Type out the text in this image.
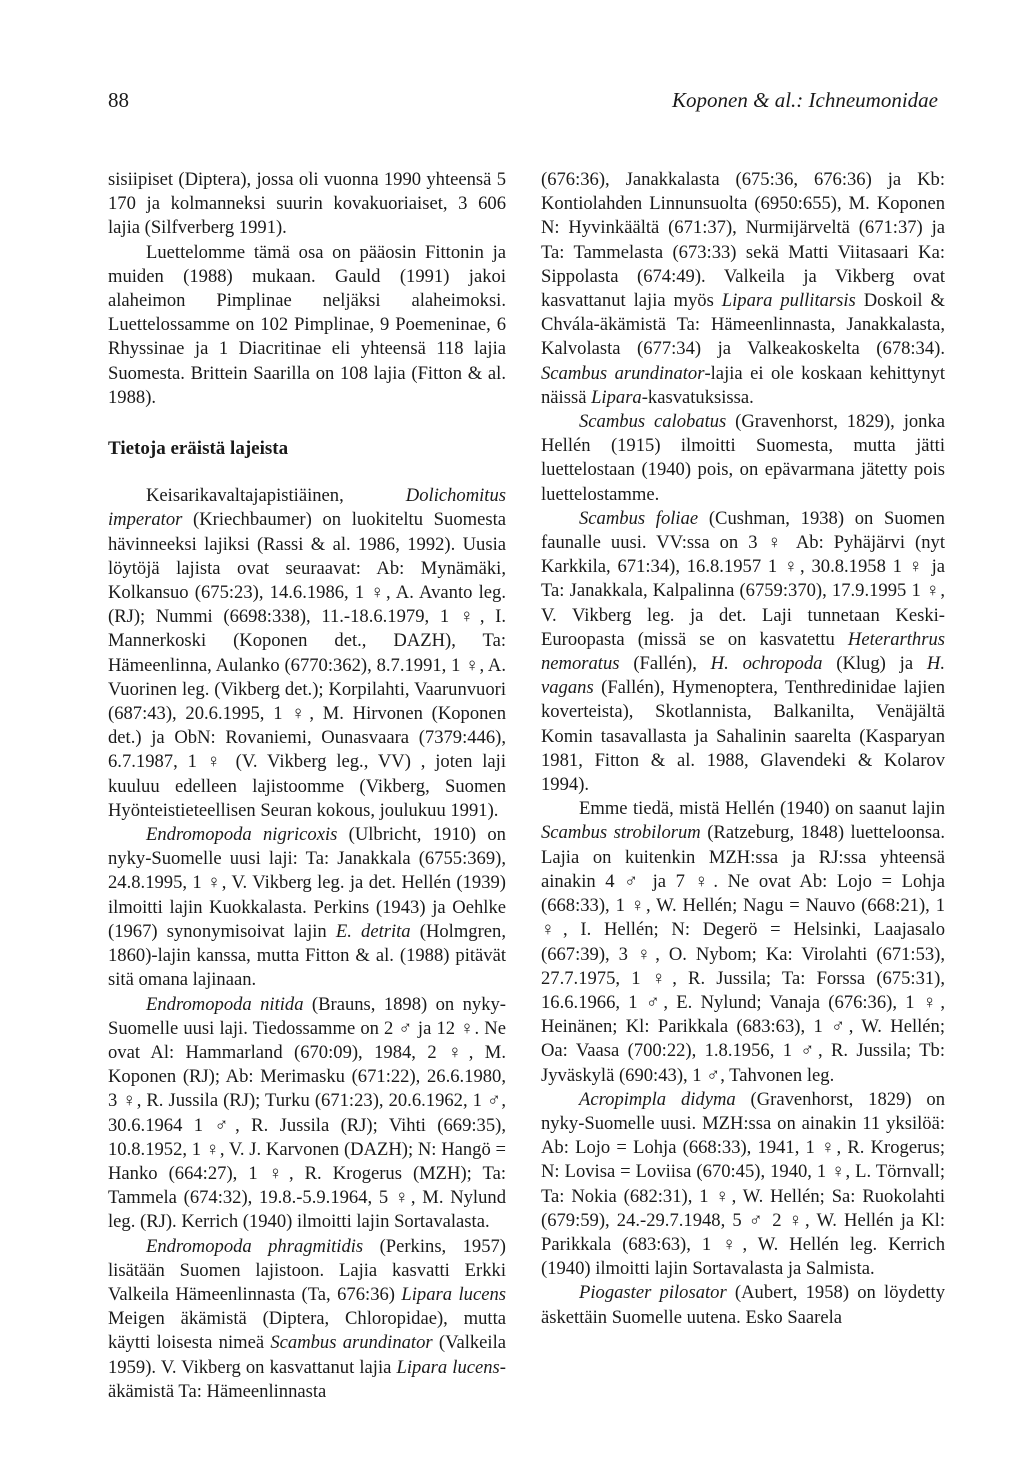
88	Koponen & al.: Ichneumonidae

sisiipiset (Diptera), jossa oli vuonna 1990 yhteensä 5 170 ja kolmanneksi suurin kovakuoriaiset, 3 606 lajia (Silfverberg 1991).

Luettelomme tämä osa on pääosin Fittonin ja muiden (1988) mukaan. Gauld (1991) jakoi alaheimon Pimplinae neljäksi alaheimoksi. Luettelossamme on 102 Pimplinae, 9 Poemeninae, 6 Rhyssinae ja 1 Diacritinae eli yhteensä 118 lajia Suomesta. Brittein Saarilla on 108 lajia (Fitton & al. 1988).

Tietoja eräistä lajeista

Keisarikavaltajapistiäinen, Dolichomitus imperator (Kriechbaumer) on luokiteltu Suomesta hävinneeksi lajiksi (Rassi & al. 1986, 1992). Uusia löytöjä lajista ovat seuraavat: Ab: Mynämäki, Kolkansuo (675:23), 14.6.1986, 1 ♀, A. Avanto leg. (RJ); Nummi (6698:338), 11.-18.6.1979, 1 ♀, I. Mannerkoski (Koponen det., DAZH), Ta: Hämeenlinna, Aulanko (6770:362), 8.7.1991, 1 ♀, A. Vuorinen leg. (Vikberg det.); Korpilahti, Vaarunvuori (687:43), 20.6.1995, 1 ♀, M. Hirvonen (Koponen det.) ja ObN: Rovaniemi, Ounasvaara (7379:446), 6.7.1987, 1 ♀ (V. Vikberg leg., VV) , joten laji kuuluu edelleen lajistoomme (Vikberg, Suomen Hyönteistieteellisen Seuran kokous, joulukuu 1991).

Endromopoda nigricoxis (Ulbricht, 1910) on nyky-Suomelle uusi laji: Ta: Janakkala (6755:369), 24.8.1995, 1 ♀, V. Vikberg leg. ja det. Hellén (1939) ilmoitti lajin Kuokkalasta. Perkins (1943) ja Oehlke (1967) synonymisoivat lajin E. detrita (Holmgren, 1860)-lajin kanssa, mutta Fitton & al. (1988) pitävät sitä omana lajinaan.

Endromopoda nitida (Brauns, 1898) on nyky-Suomelle uusi laji. Tiedossamme on 2 ♂ ja 12 ♀. Ne ovat Al: Hammarland (670:09), 1984, 2 ♀, M. Koponen (RJ); Ab: Merimasku (671:22), 26.6.1980, 3 ♀, R. Jussila (RJ); Turku (671:23), 20.6.1962, 1 ♂, 30.6.1964 1 ♂, R. Jussila (RJ); Vihti (669:35), 10.8.1952, 1 ♀, V. J. Karvonen (DAZH); N: Hangö = Hanko (664:27), 1 ♀, R. Krogerus (MZH); Ta: Tammela (674:32), 19.8.-5.9.1964, 5 ♀, M. Nylund leg. (RJ). Kerrich (1940) ilmoitti lajin Sortavalasta.

Endromopoda phragmitidis (Perkins, 1957) lisätään Suomen lajistoon. Lajia kasvatti Erkki Valkeila Hämeenlinnasta (Ta, 676:36) Lipara lucens Meigen äkämistä (Diptera, Chloropidae), mutta käytti loisesta nimeä Scambus arundinator (Valkeila 1959). V. Vikberg on kasvattanut lajia Lipara lucens-äkämistä Ta: Hämeenlinnasta

(676:36), Janakkalasta (675:36, 676:36) ja Kb: Kontiolahden Linnunsuolta (6950:655), M. Koponen N: Hyvinkäältä (671:37), Nurmijärveltä (671:37) ja Ta: Tammelasta (673:33) sekä Matti Viitasaari Ka: Sippolasta (674:49). Valkeila ja Vikberg ovat kasvattanut lajia myös Lipara pullitarsis Doskoil & Chvála-äkämistä Ta: Hämeenlinnasta, Janakkalasta, Kalvolasta (677:34) ja Valkeakoskelta (678:34). Scambus arundinator-lajia ei ole koskaan kehittynyt näissä Lipara-kasvatuksissa.

Scambus calobatus (Gravenhorst, 1829), jonka Hellén (1915) ilmoitti Suomesta, mutta jätti luettelostaan (1940) pois, on epävarmana jätetty pois luettelostamme.

Scambus foliae (Cushman, 1938) on Suomen faunalle uusi. VV:ssa on 3 ♀ Ab: Pyhäjärvi (nyt Karkkila, 671:34), 16.8.1957 1 ♀, 30.8.1958 1 ♀ ja Ta: Janakkala, Kalpalinna (6759:370), 17.9.1995 1 ♀, V. Vikberg leg. ja det. Laji tunnetaan Keski-Euroopasta (missä se on kasvatettu Heterarthrus nemoratus (Fallén), H. ochropoda (Klug) ja H. vagans (Fallén), Hymenoptera, Tenthredinidae lajien koverteista), Skotlannista, Balkanilta, Venäjältä Komin tasavallasta ja Sahalinin saarelta (Kasparyan 1981, Fitton & al. 1988, Glavendeki & Kolarov 1994).

Emme tiedä, mistä Hellén (1940) on saanut lajin Scambus strobilorum (Ratzeburg, 1848) luetteloonsa. Lajia on kuitenkin MZH:ssa ja RJ:ssa yhteensä ainakin 4 ♂ ja 7 ♀. Ne ovat Ab: Lojo = Lohja (668:33), 1 ♀, W. Hellén; Nagu = Nauvo (668:21), 1 ♀, I. Hellén; N: Degerö = Helsinki, Laajasalo (667:39), 3 ♀, O. Nybom; Ka: Virolahti (671:53), 27.7.1975, 1 ♀, R. Jussila; Ta: Forssa (675:31), 16.6.1966, 1 ♂, E. Nylund; Vanaja (676:36), 1 ♀, Heinänen; Kl: Parikkala (683:63), 1 ♂, W. Hellén; Oa: Vaasa (700:22), 1.8.1956, 1 ♂, R. Jussila; Tb: Jyväskylä (690:43), 1 ♂, Tahvonen leg.

Acropimpla didyma (Gravenhorst, 1829) on nyky-Suomelle uusi. MZH:ssa on ainakin 11 yksilöä: Ab: Lojo = Lohja (668:33), 1941, 1 ♀, R. Krogerus; N: Lovisa = Loviisa (670:45), 1940, 1 ♀, L. Törnvall; Ta: Nokia (682:31), 1 ♀, W. Hellén; Sa: Ruokolahti (679:59), 24.-29.7.1948, 5 ♂ 2 ♀, W. Hellén ja Kl: Parikkala (683:63), 1 ♀, W. Hellén leg. Kerrich (1940) ilmoitti lajin Sortavalasta ja Salmista.

Piogaster pilosator (Aubert, 1958) on löydetty äskettäin Suomelle uutena. Esko Saarela
